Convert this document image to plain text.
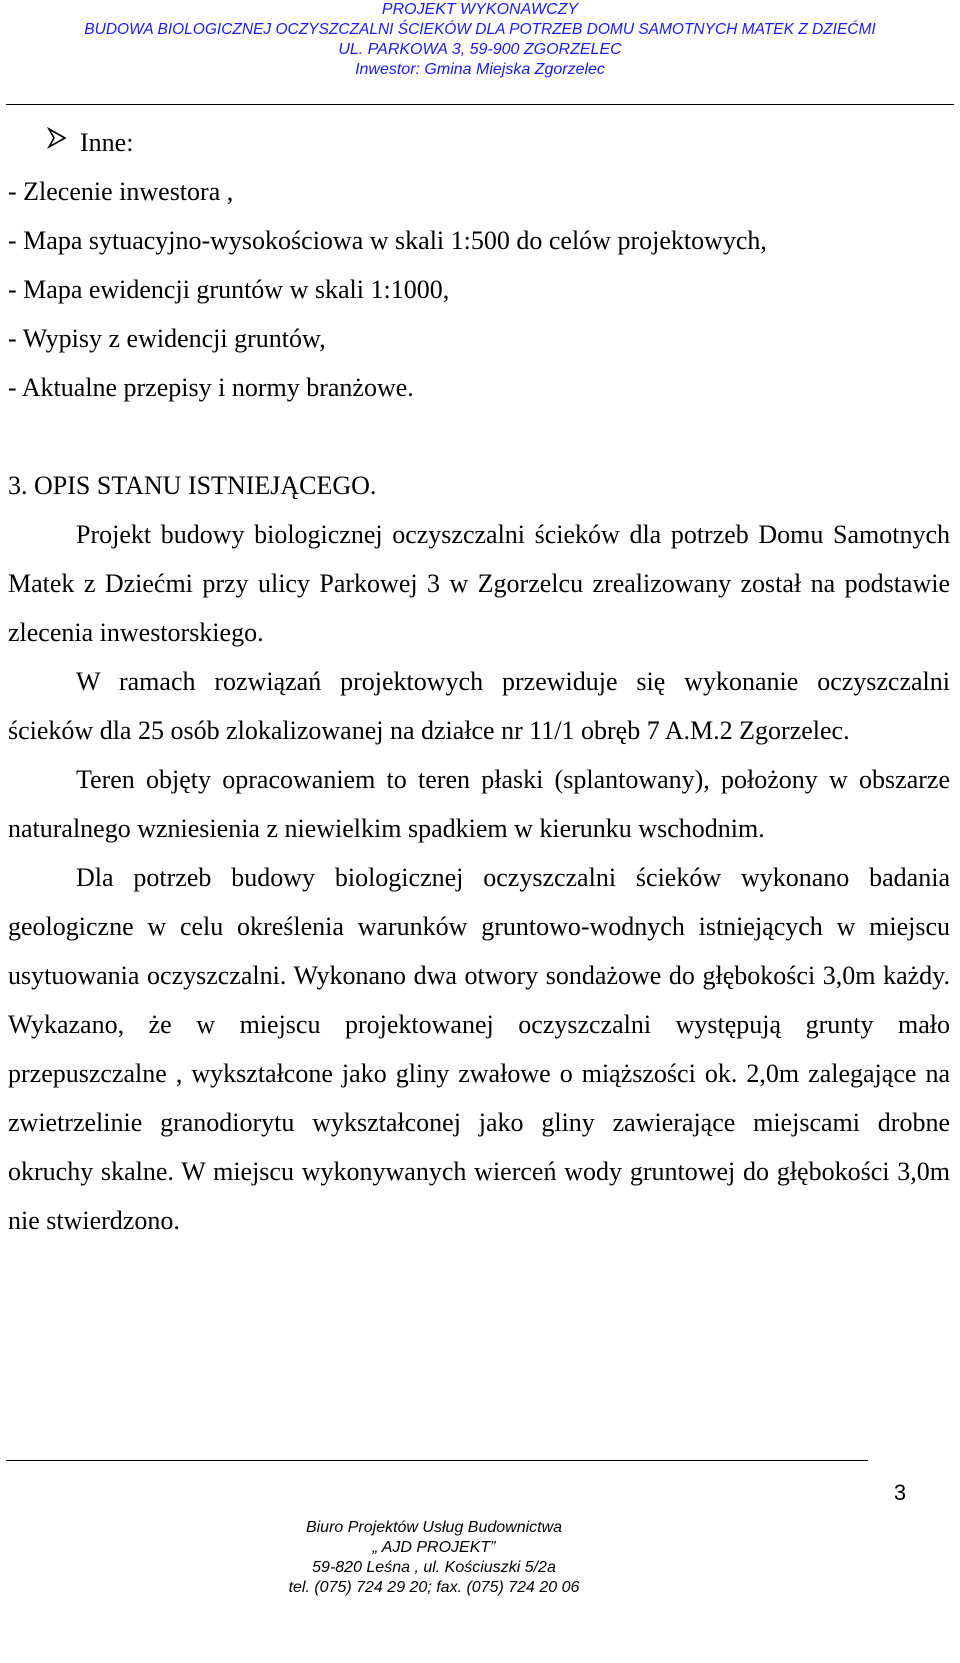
PROJEKT WYKONAWCZY
BUDOWA BIOLOGICZNEJ OCZYSZCZALNI ŚCIEKÓW DLA POTRZEB DOMU SAMOTNYCH MATEK Z DZIEĆMI
UL. PARKOWA 3, 59-900 ZGORZELEC
Inwestor: Gmina Miejska Zgorzelec
Inne:
- Zlecenie inwestora ,
- Mapa sytuacyjno-wysokościowa w skali 1:500 do celów projektowych,
- Mapa ewidencji gruntów w skali 1:1000,
- Wypisy z ewidencji gruntów,
- Aktualne przepisy i normy branżowe.
3. OPIS STANU ISTNIEJĄCEGO.

Projekt budowy biologicznej oczyszczalni ścieków dla potrzeb Domu Samotnych Matek z Dziećmi przy ulicy Parkowej 3 w Zgorzelcu zrealizowany został na podstawie zlecenia inwestorskiego.

W ramach rozwiązań projektowych przewiduje się wykonanie oczyszczalni ścieków dla 25 osób zlokalizowanej na działce nr 11/1 obręb 7 A.M.2 Zgorzelec.

Teren objęty opracowaniem to teren płaski (splantowany), położony w obszarze naturalnego wzniesienia z niewielkim spadkiem w kierunku wschodnim.

Dla potrzeb budowy biologicznej oczyszczalni ścieków wykonano badania geologiczne w celu określenia warunków gruntowo-wodnych istniejących w miejscu usytuowania oczyszczalni. Wykonano dwa otwory sondażowe do głębokości 3,0m każdy. Wykazano, że w miejscu projektowanej oczyszczalni występują grunty mało przepuszczalne , wykształcone jako gliny zwałowe o miąższości ok. 2,0m zalegające na zwietrzelinie granodiorytu wykształconej jako gliny zawierające miejscami drobne okruchy skalne. W miejscu wykonywanych wierceń wody gruntowej do głębokości 3,0m nie stwierdzono.

3
Biuro Projektów Usług Budownictwa
„ AJD PROJEKT”
59-820 Leśna , ul. Kościuszki 5/2a
tel. (075) 724 29 20; fax. (075) 724 20 06
